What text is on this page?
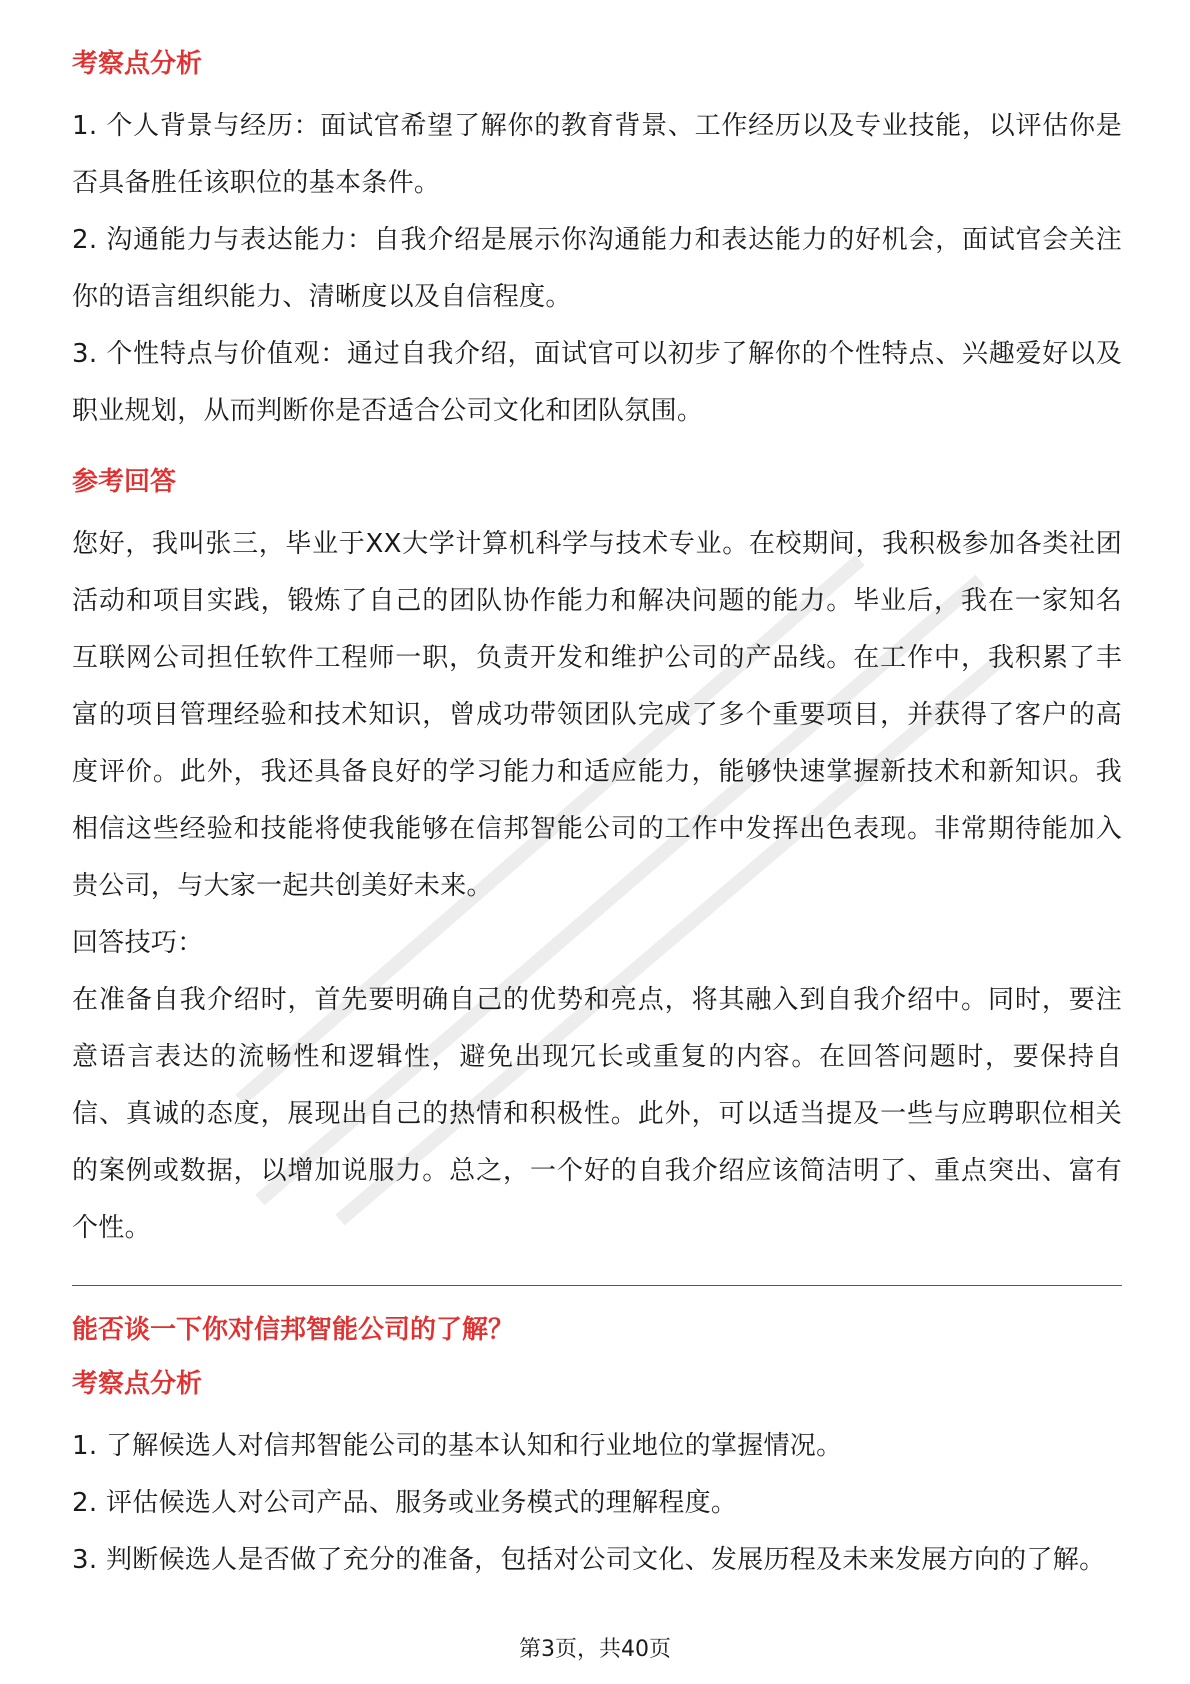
考察点分析

1. 个人背景与经历：面试官希望了解你的教育背景、工作经历以及专业技能，以评估你是否具备胜任该职位的基本条件。

2. 沟通能力与表达能力：自我介绍是展示你沟通能力和表达能力的好机会，面试官会关注你的语言组织能力、清晰度以及自信程度。

3. 个性特点与价值观：通过自我介绍，面试官可以初步了解你的个性特点、兴趣爱好以及职业规划，从而判断你是否适合公司文化和团队氛围。

参考回答

您好，我叫张三，毕业于XX大学计算机科学与技术专业。在校期间，我积极参加各类社团活动和项目实践，锻炼了自己的团队协作能力和解决问题的能力。毕业后，我在一家知名互联网公司担任软件工程师一职，负责开发和维护公司的产品线。在工作中，我积累了丰富的项目管理经验和技术知识，曾成功带领团队完成了多个重要项目，并获得了客户的高度评价。此外，我还具备良好的学习能力和适应能力，能够快速掌握新技术和新知识。我相信这些经验和技能将使我能够在信邦智能公司的工作中发挥出色表现。非常期待能加入贵公司，与大家一起共创美好未来。

回答技巧：

在准备自我介绍时，首先要明确自己的优势和亮点，将其融入到自我介绍中。同时，要注意语言表达的流畅性和逻辑性，避免出现冗长或重复的内容。在回答问题时，要保持自信、真诚的态度，展现出自己的热情和积极性。此外，可以适当提及一些与应聘职位相关的案例或数据，以增加说服力。总之，一个好的自我介绍应该简洁明了、重点突出、富有个性。

能否谈一下你对信邦智能公司的了解？
考察点分析

1. 了解候选人对信邦智能公司的基本认知和行业地位的掌握情况。

2. 评估候选人对公司产品、服务或业务模式的理解程度。

3. 判断候选人是否做了充分的准备，包括对公司文化、发展历程及未来发展方向的了解。

第3页，共40页
